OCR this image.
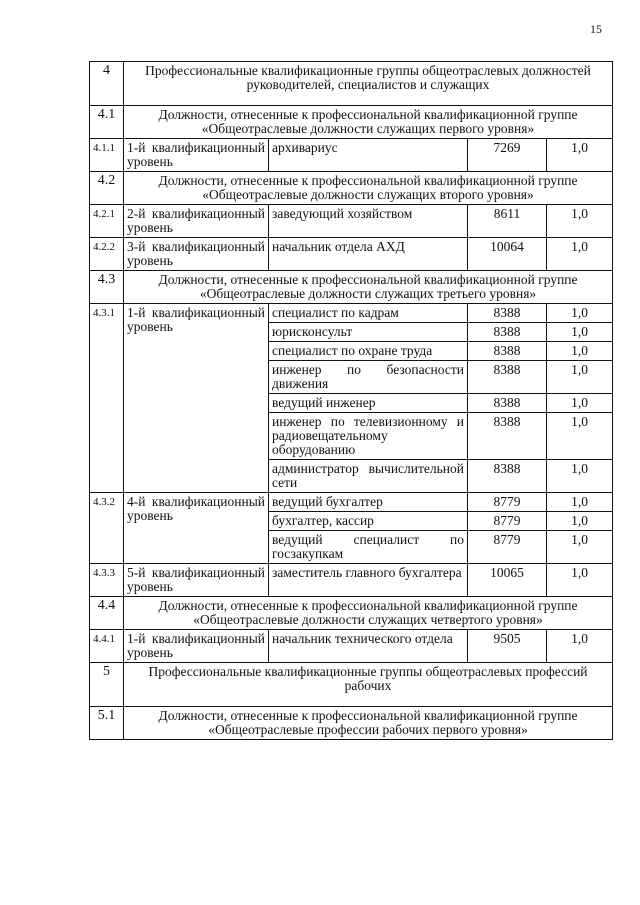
15
4	Профессиональные квалификационные группы общеотраслевых должностей руководителей, специалистов и служащих			
4.1	Должности, отнесенные к профессиональной квалификационной группе «Общеотраслевые должности служащих первого уровня»			
4.1.1	1-й квалификационный уровень	архивариус	7269	1,0
4.2	Должности, отнесенные к профессиональной квалификационной группе «Общеотраслевые должности служащих второго уровня»			
4.2.1	2-й квалификационный уровень	заведующий хозяйством	8611	1,0
4.2.2	3-й квалификационный уровень	начальник отдела АХД	10064	1,0
4.3	Должности, отнесенные к профессиональной квалификационной группе «Общеотраслевые должности служащих третьего уровня»			
4.3.1	1-й квалификационный уровень	специалист по кадрам	8388	1,0
		юрисконсульт	8388	1,0
		специалист по охране труда	8388	1,0
		инженер по безопасности движения	8388	1,0
		ведущий инженер	8388	1,0
		инженер по телевизионному и радиовещательному оборудованию	8388	1,0
		администратор вычислительной сети	8388	1,0
4.3.2	4-й квалификационный уровень	ведущий бухгалтер	8779	1,0
		бухгалтер, кассир	8779	1,0
		ведущий специалист по госзакупкам	8779	1,0
4.3.3	5-й квалификационный уровень	заместитель главного бухгалтера	10065	1,0
4.4	Должности, отнесенные к профессиональной квалификационной группе «Общеотраслевые должности служащих четвертого уровня»			
4.4.1	1-й квалификационный уровень	начальник технического отдела	9505	1,0
5	Профессиональные квалификационные группы общеотраслевых профессий рабочих			
5.1	Должности, отнесенные к профессиональной квалификационной группе «Общеотраслевые профессии рабочих первого уровня»			
